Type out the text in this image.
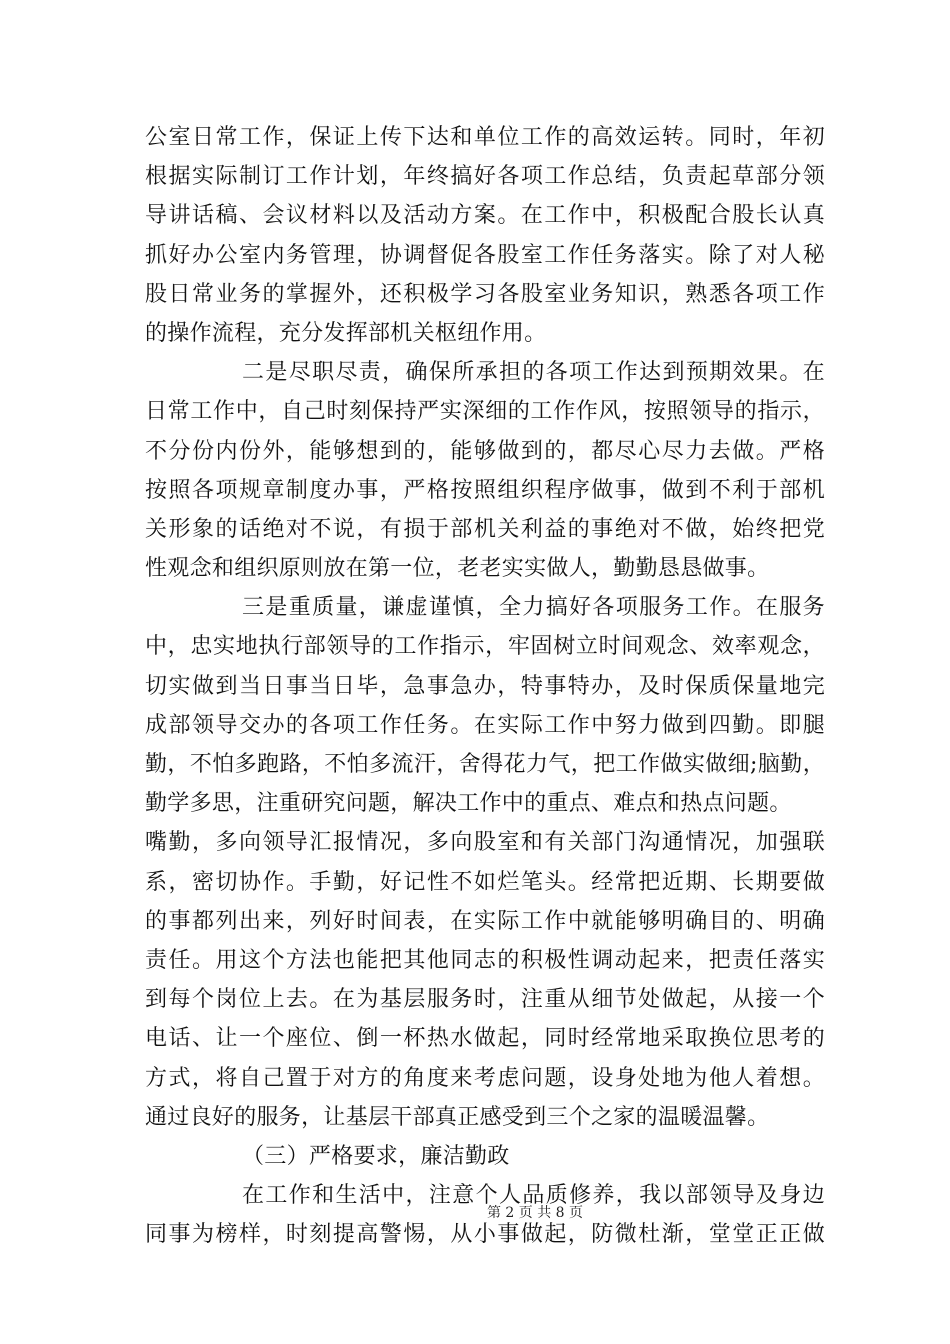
公室日常工作，保证上传下达和单位工作的高效运转。同时，年初
根据实际制订工作计划，年终搞好各项工作总结，负责起草部分领
导讲话稿、会议材料以及活动方案。在工作中，积极配合股长认真
抓好办公室内务管理，协调督促各股室工作任务落实。除了对人秘
股日常业务的掌握外，还积极学习各股室业务知识，熟悉各项工作
的操作流程，充分发挥部机关枢纽作用。
二是尽职尽责，确保所承担的各项工作达到预期效果。在
日常工作中，自己时刻保持严实深细的工作作风，按照领导的指示，
不分份内份外，能够想到的，能够做到的，都尽心尽力去做。严格
按照各项规章制度办事，严格按照组织程序做事，做到不利于部机
关形象的话绝对不说，有损于部机关利益的事绝对不做，始终把党
性观念和组织原则放在第一位，老老实实做人，勤勤恳恳做事。
三是重质量，谦虚谨慎，全力搞好各项服务工作。在服务
中，忠实地执行部领导的工作指示，牢固树立时间观念、效率观念，
切实做到当日事当日毕，急事急办，特事特办，及时保质保量地完
成部领导交办的各项工作任务。在实际工作中努力做到四勤。即腿
勤，不怕多跑路，不怕多流汗，舍得花力气，把工作做实做细;脑勤，
勤学多思，注重研究问题，解决工作中的重点、难点和热点问题。
嘴勤，多向领导汇报情况，多向股室和有关部门沟通情况，加强联
系，密切协作。手勤，好记性不如烂笔头。经常把近期、长期要做
的事都列出来，列好时间表，在实际工作中就能够明确目的、明确
责任。用这个方法也能把其他同志的积极性调动起来，把责任落实
到每个岗位上去。在为基层服务时，注重从细节处做起，从接一个
电话、让一个座位、倒一杯热水做起，同时经常地采取换位思考的
方式，将自己置于对方的角度来考虑问题，设身处地为他人着想。
通过良好的服务，让基层干部真正感受到三个之家的温暖温馨。
（三）严格要求，廉洁勤政
在工作和生活中，注意个人品质修养，我以部领导及身边
同事为榜样，时刻提高警惕，从小事做起，防微杜渐，堂堂正正做
第 2 页 共 8 页
